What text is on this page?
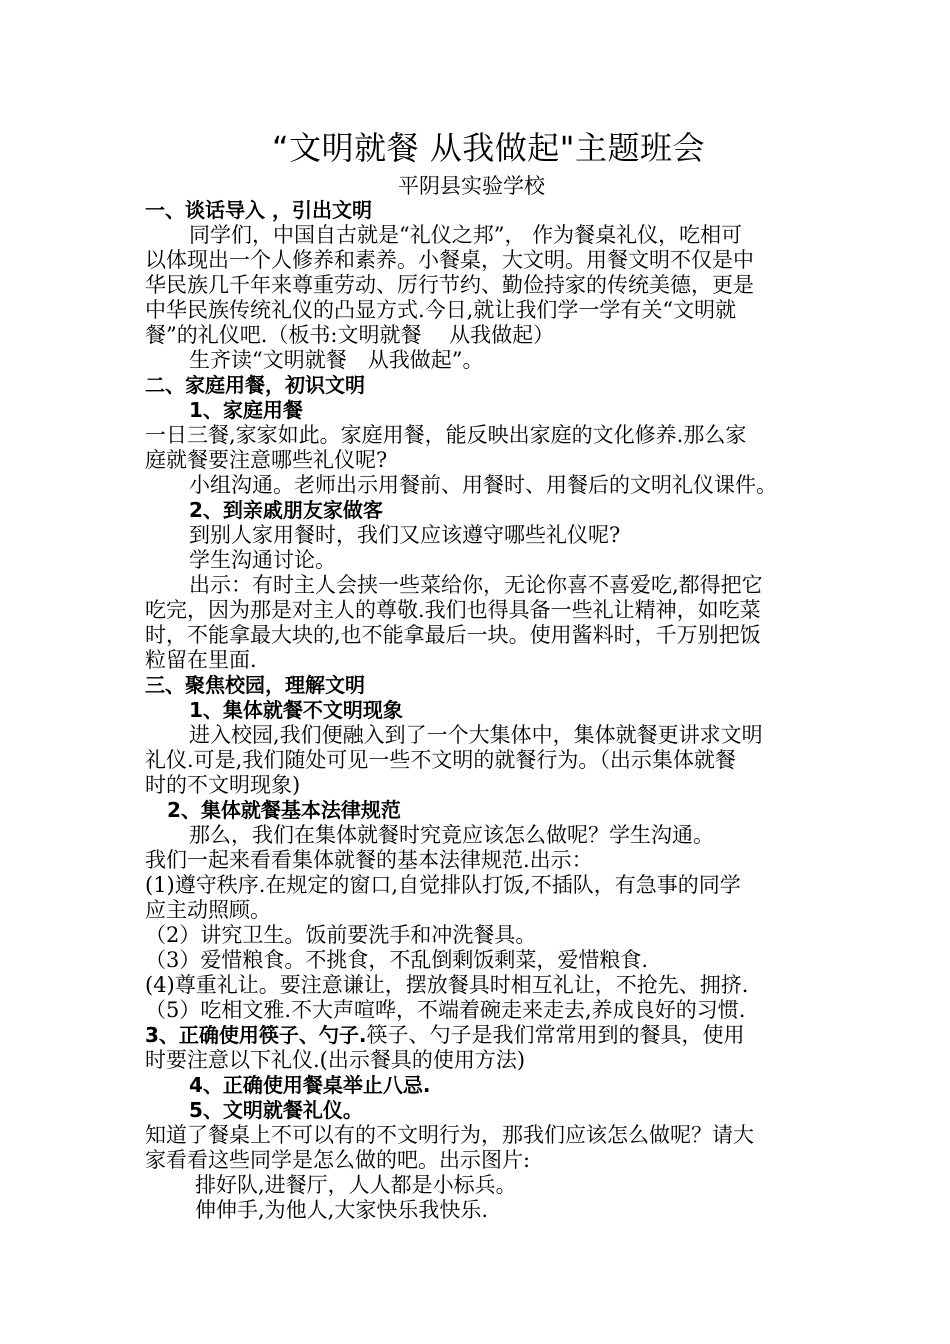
“文明就餐 从我做起"主题班会
平阴县实验学校
一、谈话导入 ，引出文明
同学们，中国自古就是“礼仪之邦”， 作为餐桌礼仪，吃相可
以体现出一个人修养和素养。小餐桌，大文明。用餐文明不仅是中
华民族几千年来尊重劳动、厉行节约、勤俭持家的传统美德，更是
中华民族传统礼仪的凸显方式.今日,就让我们学一学有关“文明就
餐”的礼仪吧.（板书:文明就餐　 从我做起）
生齐读“文明就餐　从我做起”。
二、家庭用餐，初识文明
1、家庭用餐
一日三餐,家家如此。家庭用餐，能反映出家庭的文化修养.那么家
庭就餐要注意哪些礼仪呢?
小组沟通。老师出示用餐前、用餐时、用餐后的文明礼仪课件。
2、到亲戚朋友家做客
到别人家用餐时，我们又应该遵守哪些礼仪呢?
学生沟通讨论。
出示：有时主人会挟一些菜给你，无论你喜不喜爱吃,都得把它
吃完，因为那是对主人的尊敬.我们也得具备一些礼让精神，如吃菜
时，不能拿最大块的,也不能拿最后一块。使用酱料时，千万别把饭
粒留在里面.
三、聚焦校园，理解文明
1、集体就餐不文明现象
进入校园,我们便融入到了一个大集体中，集体就餐更讲求文明
礼仪.可是,我们随处可见一些不文明的就餐行为。（出示集体就餐
时的不文明现象)
2、集体就餐基本法律规范
那么，我们在集体就餐时究竟应该怎么做呢？学生沟通。
我们一起来看看集体就餐的基本法律规范.出示：
(1)遵守秩序.在规定的窗口,自觉排队打饭,不插队，有急事的同学
应主动照顾。
（2）讲究卫生。饭前要洗手和冲洗餐具。
（3）爱惜粮食。不挑食，不乱倒剩饭剩菜，爱惜粮食.
(4)尊重礼让。要注意谦让，摆放餐具时相互礼让，不抢先、拥挤.
（5）吃相文雅.不大声喧哗，不端着碗走来走去,养成良好的习惯.
3、正确使用筷子、勺子.筷子、勺子是我们常常用到的餐具，使用
时要注意以下礼仪.(出示餐具的使用方法)
4、正确使用餐桌举止八忌.
5、文明就餐礼仪。
知道了餐桌上不可以有的不文明行为，那我们应该怎么做呢？请大
家看看这些同学是怎么做的吧。出示图片:
排好队,进餐厅，人人都是小标兵。
伸伸手,为他人,大家快乐我快乐.
